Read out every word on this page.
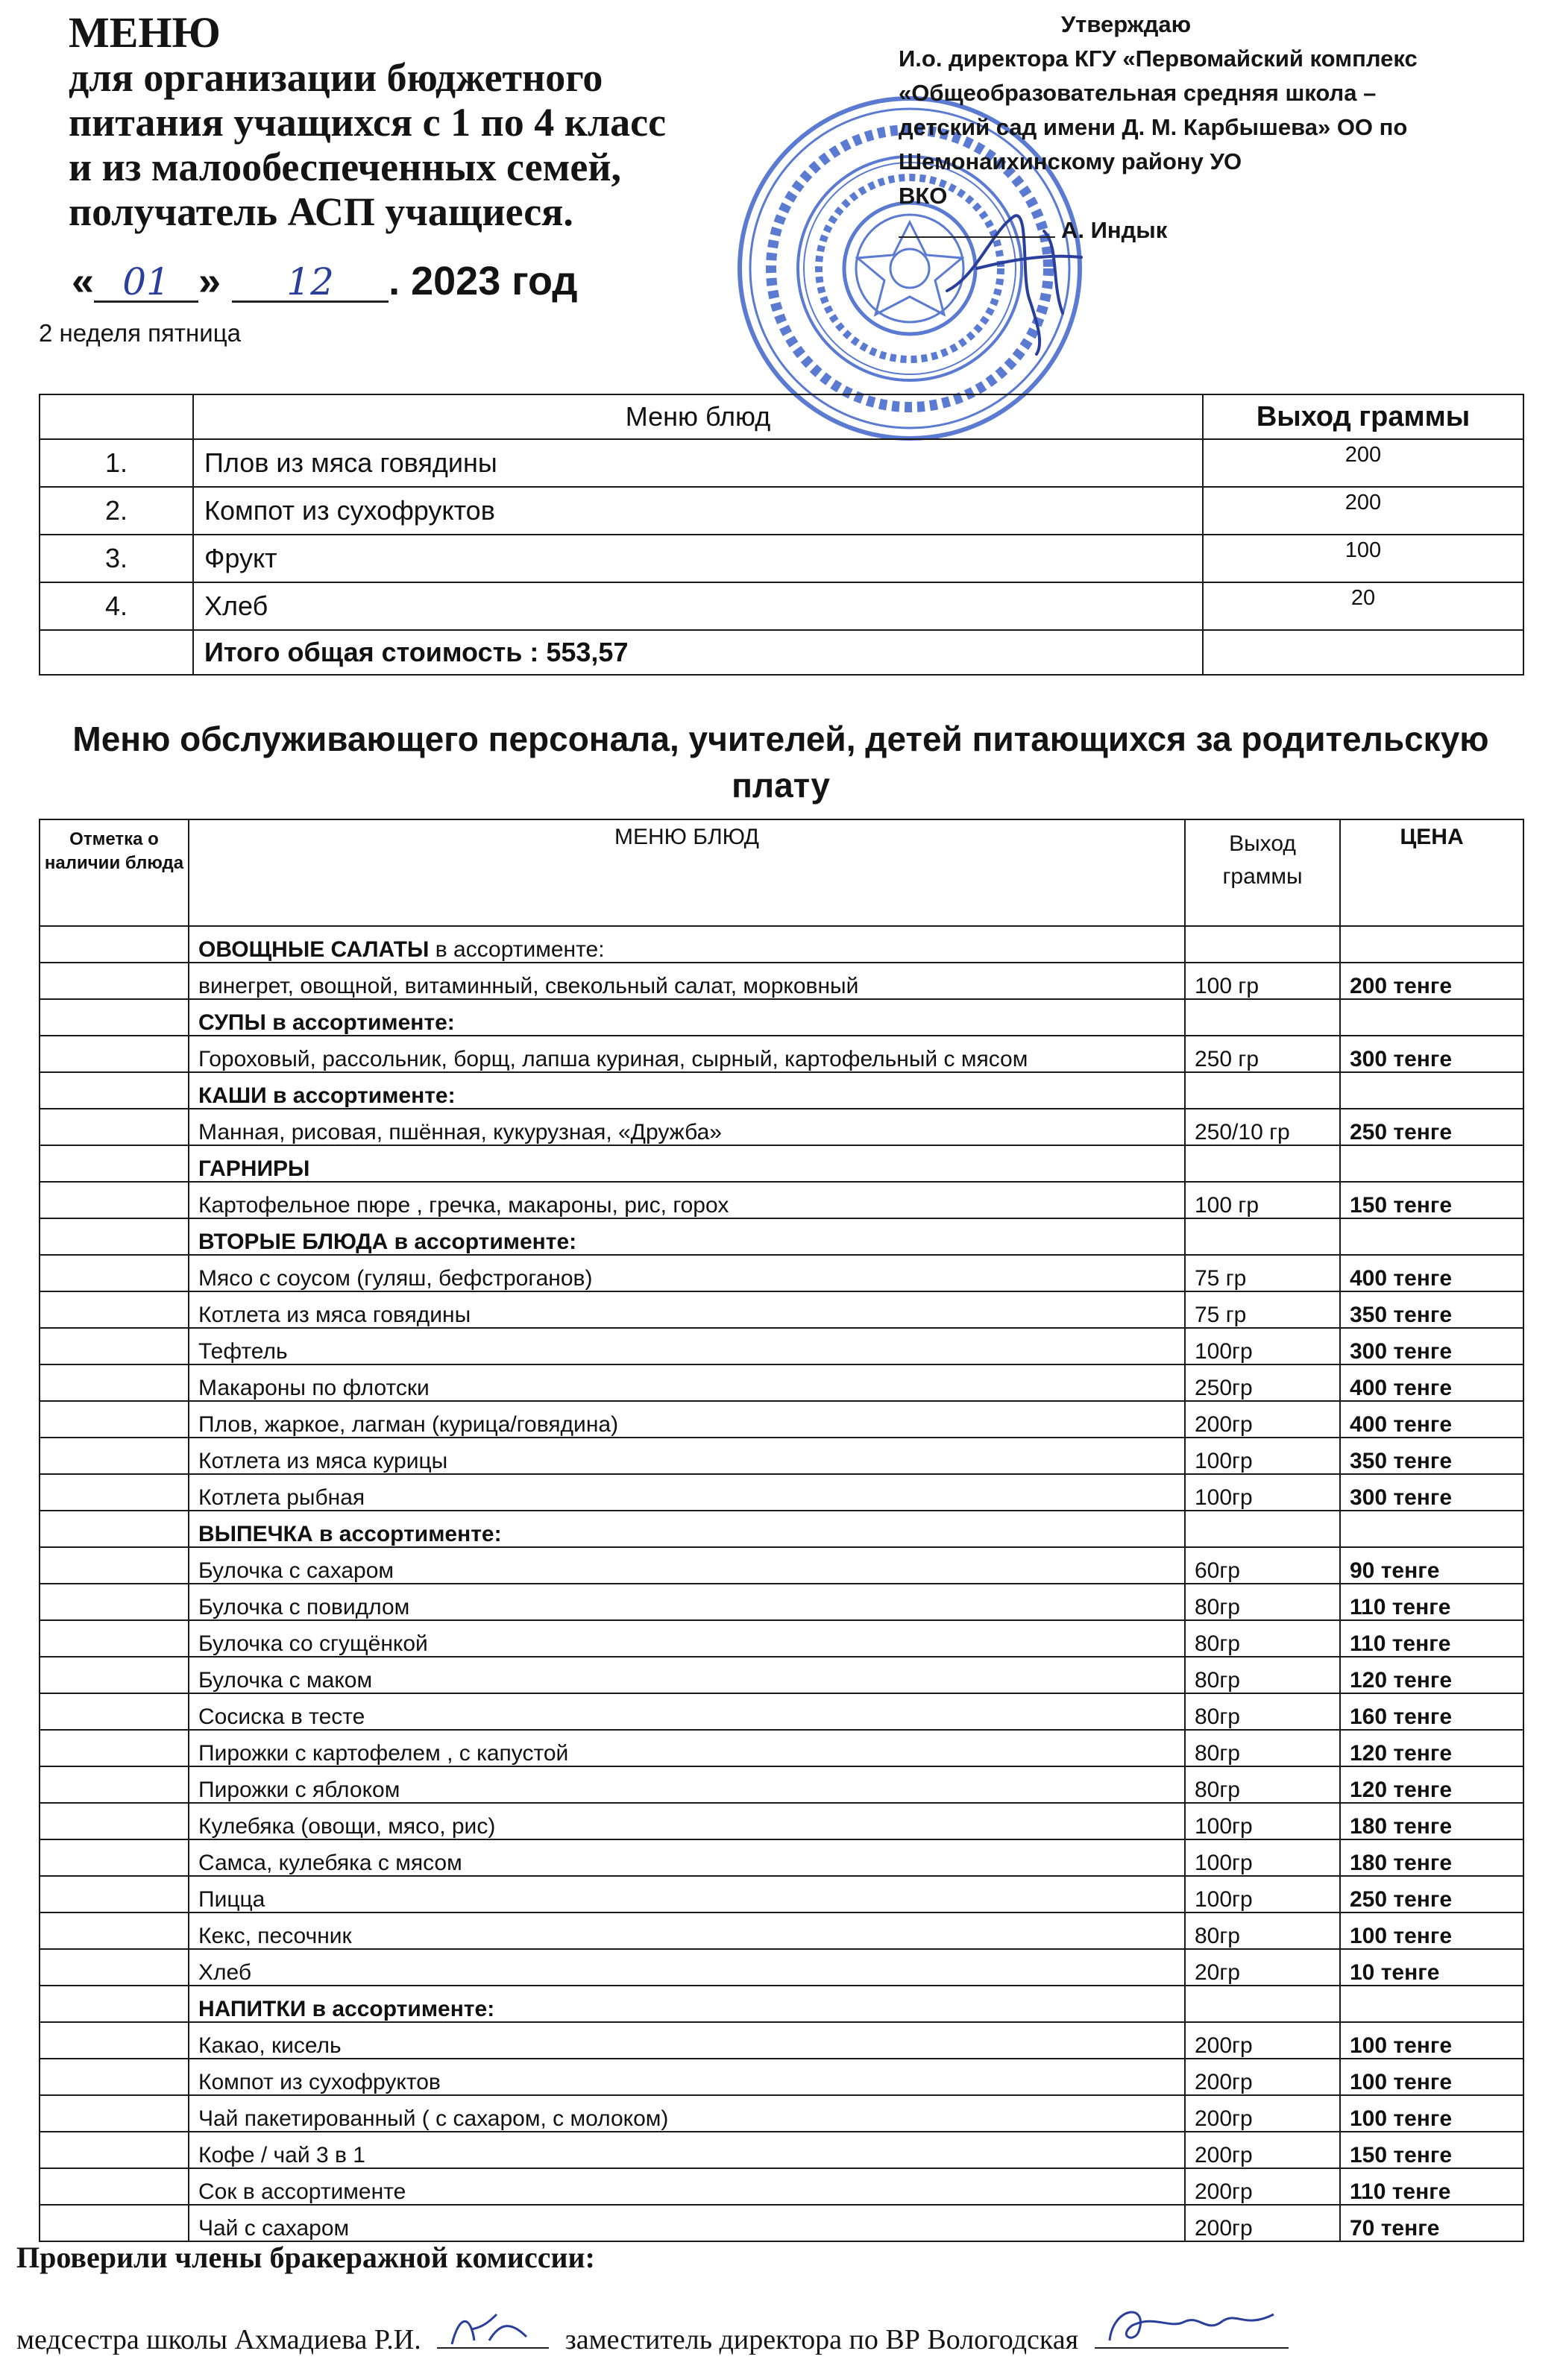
МЕНЮ
для организации бюджетного
питания учащихся с 1 по 4 класс
и из малообеспеченных семей,
получатель АСП учащиеся.
« 01 » 12 . 2023 год
2 неделя пятница
Утверждаю
И.о. директора КГУ «Первомайский комплекс
«Общеобразовательная средняя школа –
детский сад имени Д. М. Карбышева» ОО по
Шемонаихинскому району УО
ВКО
А. Индык
	Меню блюд	Выход граммы
1.	Плов из мяса говядины	200
2.	Компот из сухофруктов	200
3.	Фрукт	100
4.	Хлеб	20
	Итого общая стоимость : 553,57	
Меню обслуживающего персонала, учителей, детей питающихся за родительскую плату
Отметка о наличии блюда	МЕНЮ БЛЮД	Выход граммы	ЦЕНА
	ОВОЩНЫЕ САЛАТЫ в ассортименте:		
	винегрет, овощной, витаминный, свекольный салат, морковный	100 гр	200 тенге
	СУПЫ в ассортименте:		
	Гороховый, рассольник, борщ, лапша куриная, сырный, картофельный с мясом	250 гр	300 тенге
	КАШИ в ассортименте:		
	Манная, рисовая, пшённая, кукурузная, «Дружба»	250/10 гр	250 тенге
	ГАРНИРЫ		
	Картофельное пюре , гречка, макароны, рис, горох	100 гр	150 тенге
	ВТОРЫЕ БЛЮДА в ассортименте:		
	Мясо с соусом (гуляш, бефстроганов)	75 гр	400 тенге
	Котлета из мяса говядины	75 гр	350 тенге
	Тефтель	100гр	300 тенге
	Макароны по флотски	250гр	400 тенге
	Плов, жаркое, лагман (курица/говядина)	200гр	400 тенге
	Котлета из мяса курицы	100гр	350 тенге
	Котлета рыбная	100гр	300 тенге
	ВЫПЕЧКА в ассортименте:		
	Булочка с сахаром	60гр	90 тенге
	Булочка с повидлом	80гр	110 тенге
	Булочка со сгущёнкой	80гр	110 тенге
	Булочка с маком	80гр	120 тенге
	Сосиска в тесте	80гр	160 тенге
	Пирожки с картофелем , с капустой	80гр	120 тенге
	Пирожки с яблоком	80гр	120 тенге
	Кулебяка (овощи, мясо, рис)	100гр	180 тенге
	Самса, кулебяка с мясом	100гр	180 тенге
	Пицца	100гр	250 тенге
	Кекс, песочник	80гр	100 тенге
	Хлеб	20гр	10 тенге
	НАПИТКИ в ассортименте:		
	Какао, кисель	200гр	100 тенге
	Компот из сухофруктов	200гр	100 тенге
	Чай пакетированный ( с сахаром, с молоком)	200гр	100 тенге
	Кофе / чай 3 в 1	200гр	150 тенге
	Сок в ассортименте	200гр	110 тенге
	Чай с сахаром	200гр	70 тенге
Проверили члены бракеражной комиссии:
медсестра школы Ахмадиева Р.И.	заместитель директора по ВР Вологодская
